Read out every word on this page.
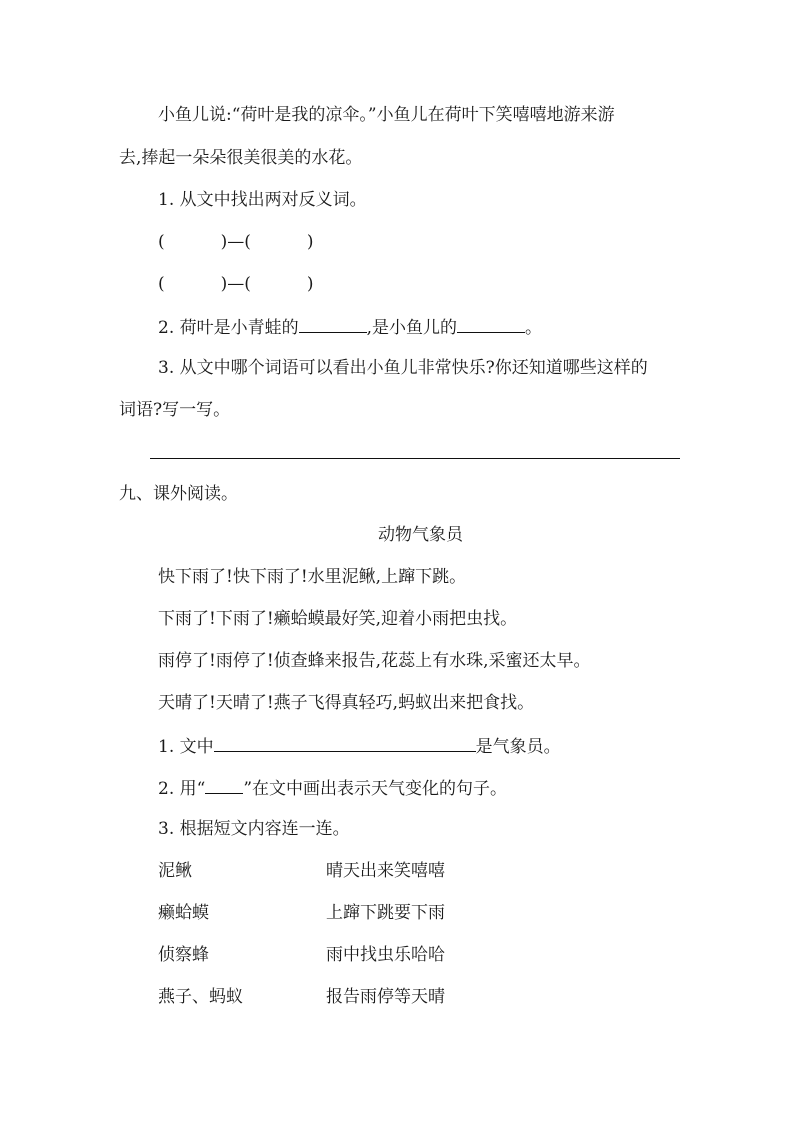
小鱼儿说:“荷叶是我的凉伞。”小鱼儿在荷叶下笑嘻嘻地游来游
去,捧起一朵朵很美很美的水花。
1. 从文中找出两对反义词。
(	)—(	)
(	)—(	)
2. 荷叶是小青蛙的	,是小鱼儿的	。
3. 从文中哪个词语可以看出小鱼儿非常快乐?你还知道哪些这样的
词语?写一写。
九、课外阅读。
动物气象员
快下雨了!快下雨了!水里泥鳅,上蹿下跳。
下雨了!下雨了!癞蛤蟆最好笑,迎着小雨把虫找。
雨停了!雨停了!侦查蜂来报告,花蕊上有水珠,采蜜还太早。
天晴了!天晴了!燕子飞得真轻巧,蚂蚁出来把食找。
1. 文中	是气象员。
2. 用“ ”在文中画出表示天气变化的句子。
3. 根据短文内容连一连。
泥鳅	晴天出来笑嘻嘻
癞蛤蟆	上蹿下跳要下雨
侦察蜂	雨中找虫乐哈哈
燕子、蚂蚁	报告雨停等天晴
